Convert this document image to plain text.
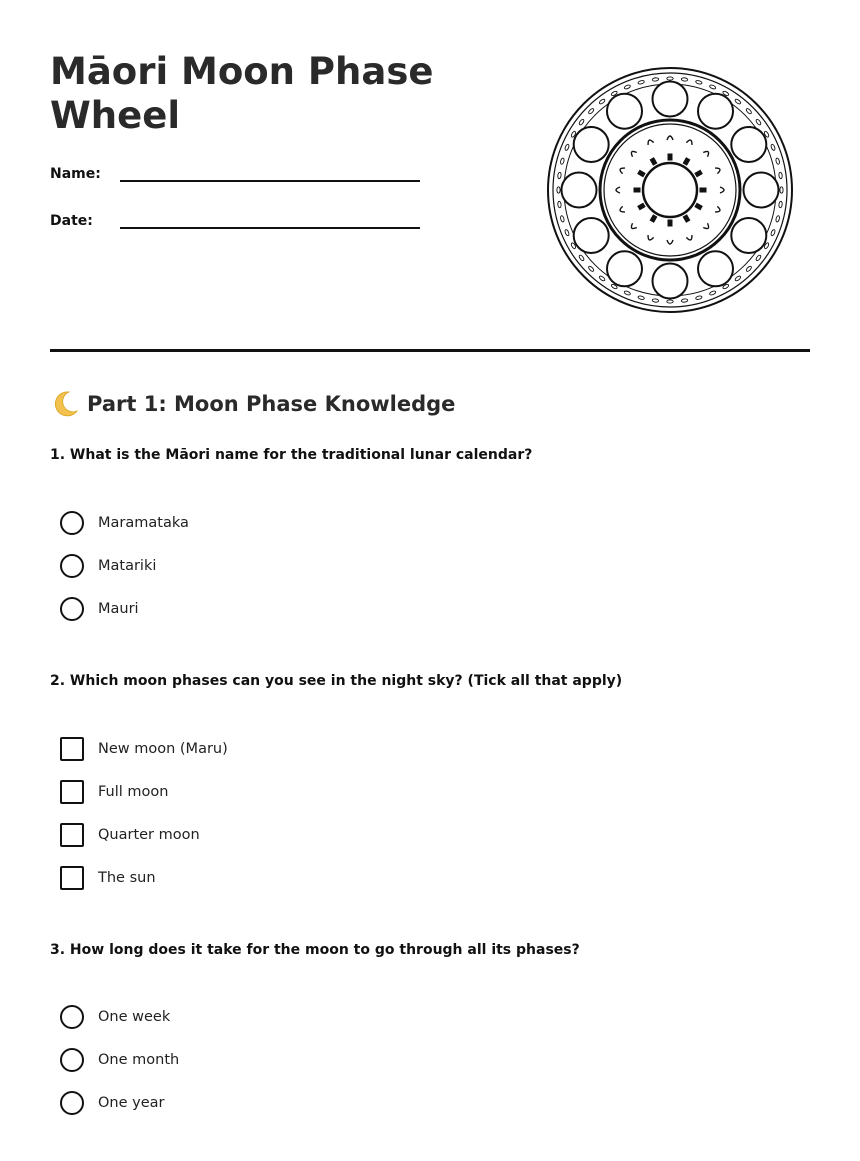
Māori Moon Phase Wheel
Name:
Date:
Part 1: Moon Phase Knowledge

1. What is the Māori name for the traditional lunar calendar?

Maramataka
Matariki
Mauri

2. Which moon phases can you see in the night sky? (Tick all that apply)

New moon (Maru)
Full moon
Quarter moon
The sun

3. How long does it take for the moon to go through all its phases?

One week
One month
One year
